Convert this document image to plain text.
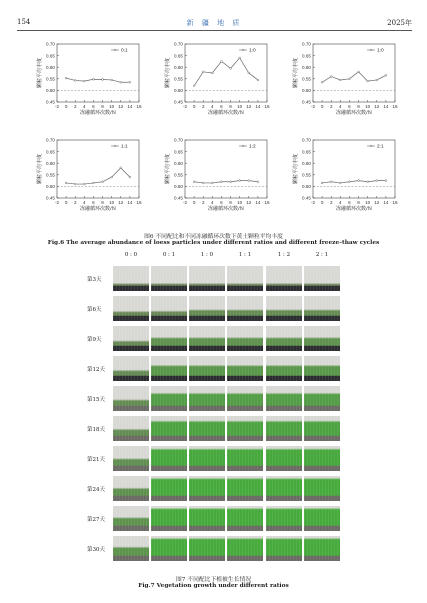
154	新 疆 地 质	2025年
0.70
0.65
0.60
0.55
0.50
0.45
-2 0 2 4 6 8 10 12 14 16
冻融循环次数/N
颗粒平均丰度
0:1
0.70
0.65
0.60
0.55
0.50
0.45
-2 0 2 4 6 8 10 12 14 16
冻融循环次数/N
颗粒平均丰度
1:0
0.70
0.65
0.60
0.55
0.50
0.45
-2 0 2 4 6 8 10 12 14 16
冻融循环次数/N
颗粒平均丰度
1:0
0.70
0.65
0.60
0.55
0.50
0.45
-2 0 2 4 6 8 10 12 14 16
冻融循环次数/N
颗粒平均丰度
1:1
0.70
0.65
0.60
0.55
0.50
0.45
-2 0 2 4 6 8 10 12 14 16
冻融循环次数/N
颗粒平均丰度
1:2
0.70
0.65
0.60
0.55
0.50
0.45
-2 0 2 4 6 8 10 12 14 16
冻融循环次数/N
颗粒平均丰度
2:1
图6 不同配比和不同冻融循环次数下黄土颗粒平均丰度
Fig.6 The average abundance of loess particles under different ratios and different freeze–thaw cycles
0 : 0	0 : 1	1 : 0	1 : 1	1 : 2	2 : 1
第3天
第6天
第9天
第12天
第15天
第18天
第21天
第24天
第27天
第30天
图7 不同配比下植被生长情况
Fig.7 Vegetation growth under different ratios
